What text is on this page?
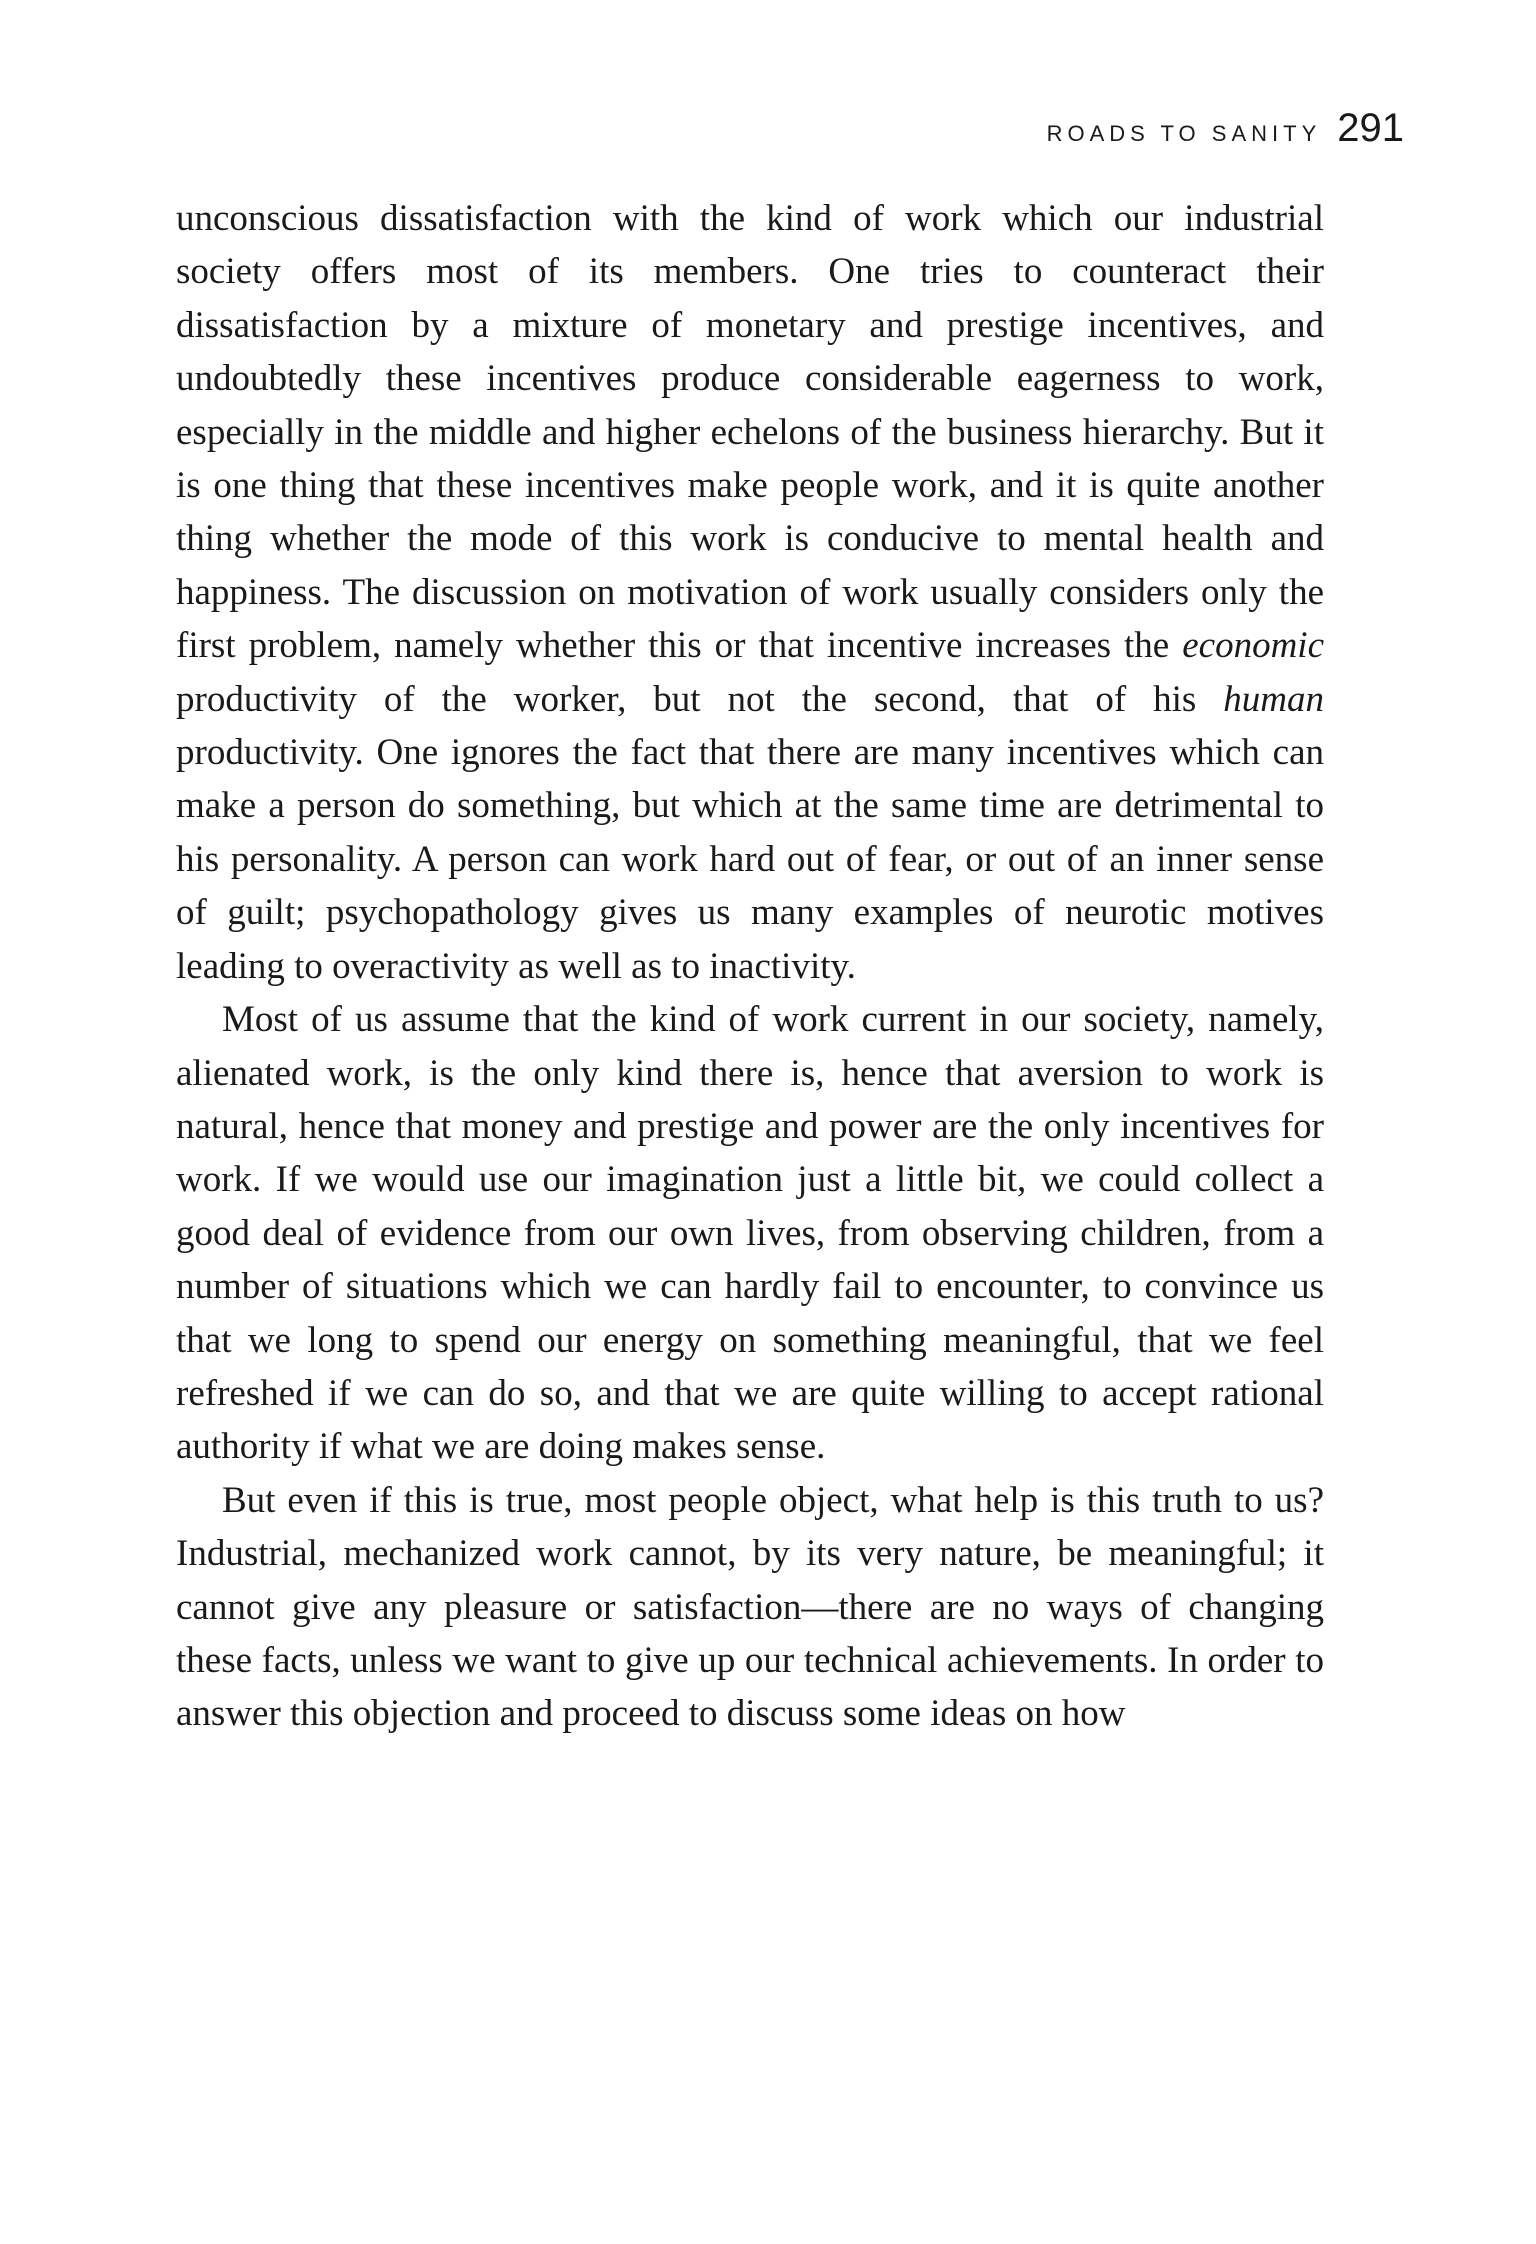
ROADS TO SANITY 291

unconscious dissatisfaction with the kind of work which our industrial society offers most of its members. One tries to counteract their dissatisfaction by a mixture of monetary and prestige incentives, and undoubtedly these incentives produce considerable eagerness to work, especially in the middle and higher echelons of the business hierarchy. But it is one thing that these incentives make people work, and it is quite another thing whether the mode of this work is conducive to mental health and happiness. The discussion on motivation of work usually considers only the first problem, namely whether this or that incentive increases the economic productivity of the worker, but not the second, that of his human productivity. One ignores the fact that there are many incentives which can make a person do something, but which at the same time are detrimental to his personality. A person can work hard out of fear, or out of an inner sense of guilt; psychopathology gives us many examples of neurotic motives leading to overactivity as well as to inactivity.

Most of us assume that the kind of work current in our society, namely, alienated work, is the only kind there is, hence that aversion to work is natural, hence that money and prestige and power are the only incentives for work. If we would use our imagination just a little bit, we could collect a good deal of evidence from our own lives, from observing children, from a number of situations which we can hardly fail to encounter, to convince us that we long to spend our energy on something meaningful, that we feel refreshed if we can do so, and that we are quite willing to accept rational authority if what we are doing makes sense.

But even if this is true, most people object, what help is this truth to us? Industrial, mechanized work cannot, by its very nature, be meaningful; it cannot give any pleasure or satisfaction—there are no ways of changing these facts, unless we want to give up our technical achievements. In order to answer this objection and proceed to discuss some ideas on how
